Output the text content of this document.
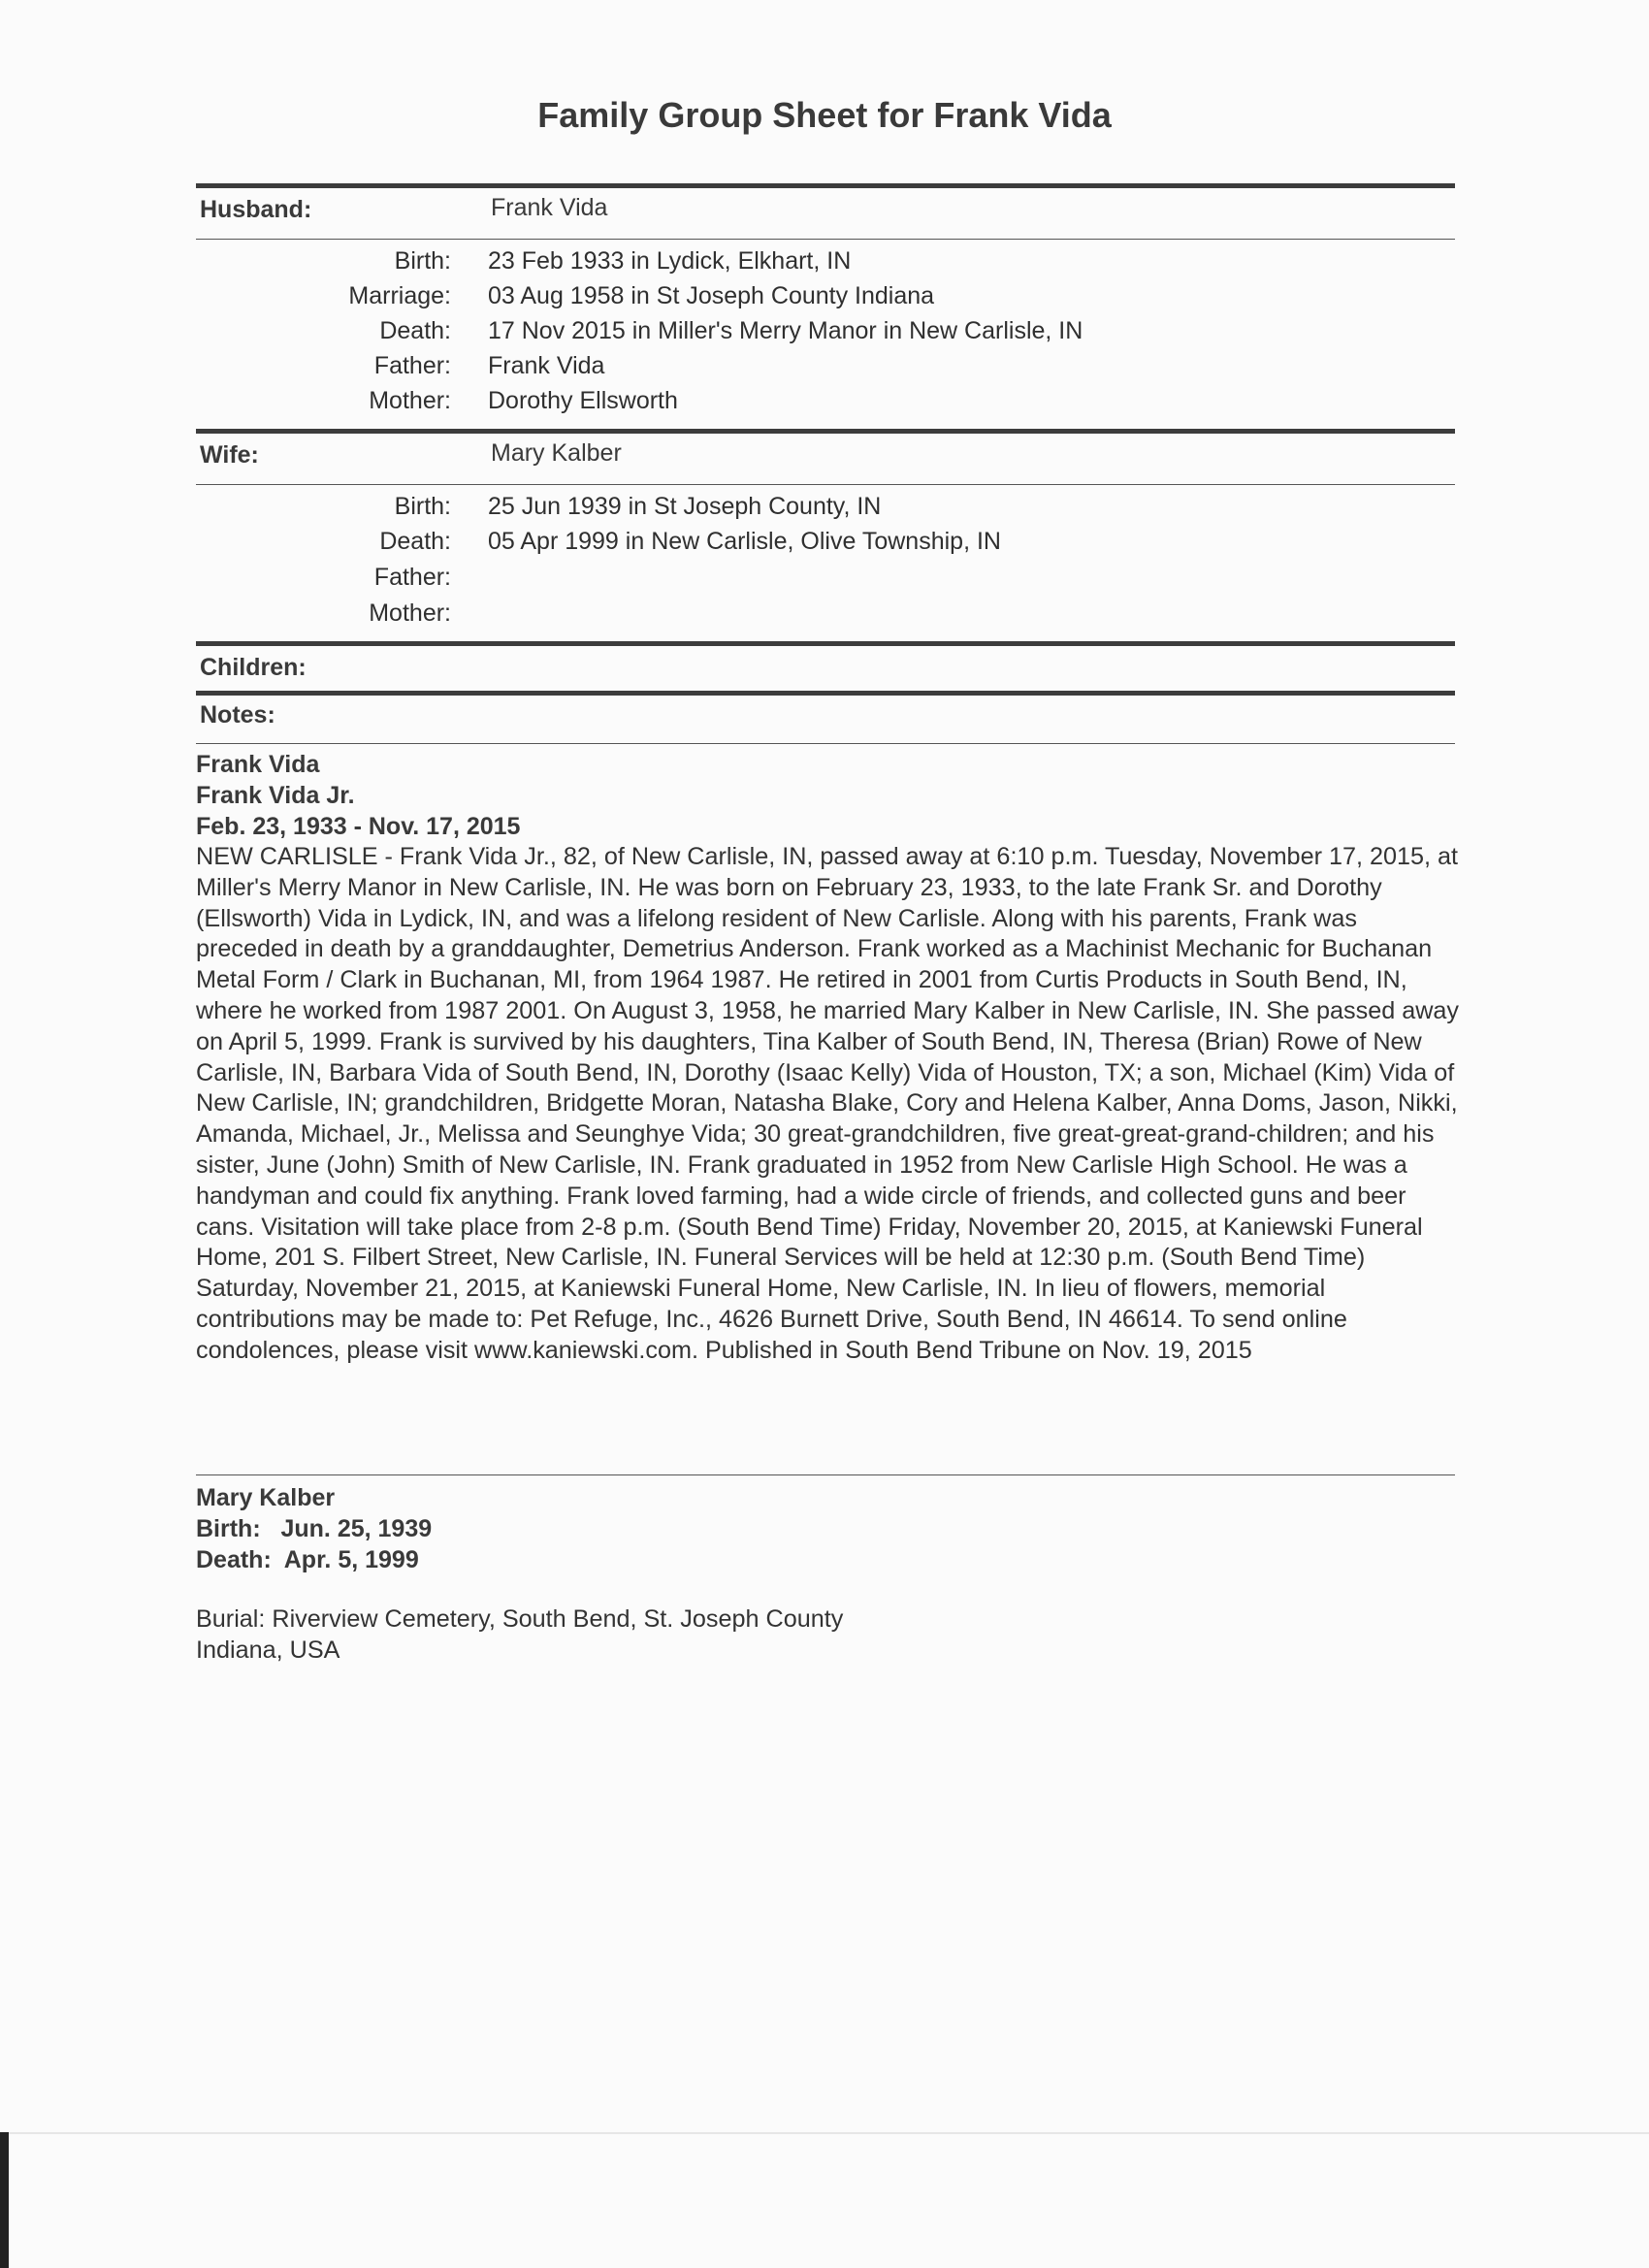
Family Group Sheet for Frank Vida
Husband:	Frank Vida
Birth: 23 Feb 1933 in Lydick, Elkhart, IN
Marriage: 03 Aug 1958 in St Joseph County Indiana
Death: 17 Nov 2015 in Miller's Merry Manor in New Carlisle, IN
Father: Frank Vida
Mother: Dorothy Ellsworth
Wife:	Mary Kalber
Birth: 25 Jun 1939 in St Joseph County, IN
Death: 05 Apr 1999 in New Carlisle, Olive Township, IN
Father:
Mother:
Children:
Notes:
Frank Vida
Frank Vida Jr.
Feb. 23, 1933 - Nov. 17, 2015
NEW CARLISLE - Frank Vida Jr., 82, of New Carlisle, IN, passed away at 6:10 p.m. Tuesday, November 17, 2015, at Miller's Merry Manor in New Carlisle, IN. He was born on February 23, 1933, to the late Frank Sr. and Dorothy (Ellsworth) Vida in Lydick, IN, and was a lifelong resident of New Carlisle. Along with his parents, Frank was preceded in death by a granddaughter, Demetrius Anderson. Frank worked as a Machinist Mechanic for Buchanan Metal Form / Clark in Buchanan, MI, from 1964 1987. He retired in 2001 from Curtis Products in South Bend, IN, where he worked from 1987 2001. On August 3, 1958, he married Mary Kalber in New Carlisle, IN. She passed away on April 5, 1999. Frank is survived by his daughters, Tina Kalber of South Bend, IN, Theresa (Brian) Rowe of New Carlisle, IN, Barbara Vida of South Bend, IN, Dorothy (Isaac Kelly) Vida of Houston, TX; a son, Michael (Kim) Vida of New Carlisle, IN; grandchildren, Bridgette Moran, Natasha Blake, Cory and Helena Kalber, Anna Doms, Jason, Nikki, Amanda, Michael, Jr., Melissa and Seunghye Vida; 30 great-grandchildren, five great-great-grand-children; and his sister, June (John) Smith of New Carlisle, IN. Frank graduated in 1952 from New Carlisle High School. He was a handyman and could fix anything. Frank loved farming, had a wide circle of friends, and collected guns and beer cans. Visitation will take place from 2-8 p.m. (South Bend Time) Friday, November 20, 2015, at Kaniewski Funeral Home, 201 S. Filbert Street, New Carlisle, IN. Funeral Services will be held at 12:30 p.m. (South Bend Time) Saturday, November 21, 2015, at Kaniewski Funeral Home, New Carlisle, IN. In lieu of flowers, memorial contributions may be made to: Pet Refuge, Inc., 4626 Burnett Drive, South Bend, IN 46614. To send online condolences, please visit www.kaniewski.com. Published in South Bend Tribune on Nov. 19, 2015
Mary Kalber
Birth:   Jun. 25, 1939
Death:  Apr. 5, 1999
Burial: Riverview Cemetery, South Bend, St. Joseph County
Indiana, USA
